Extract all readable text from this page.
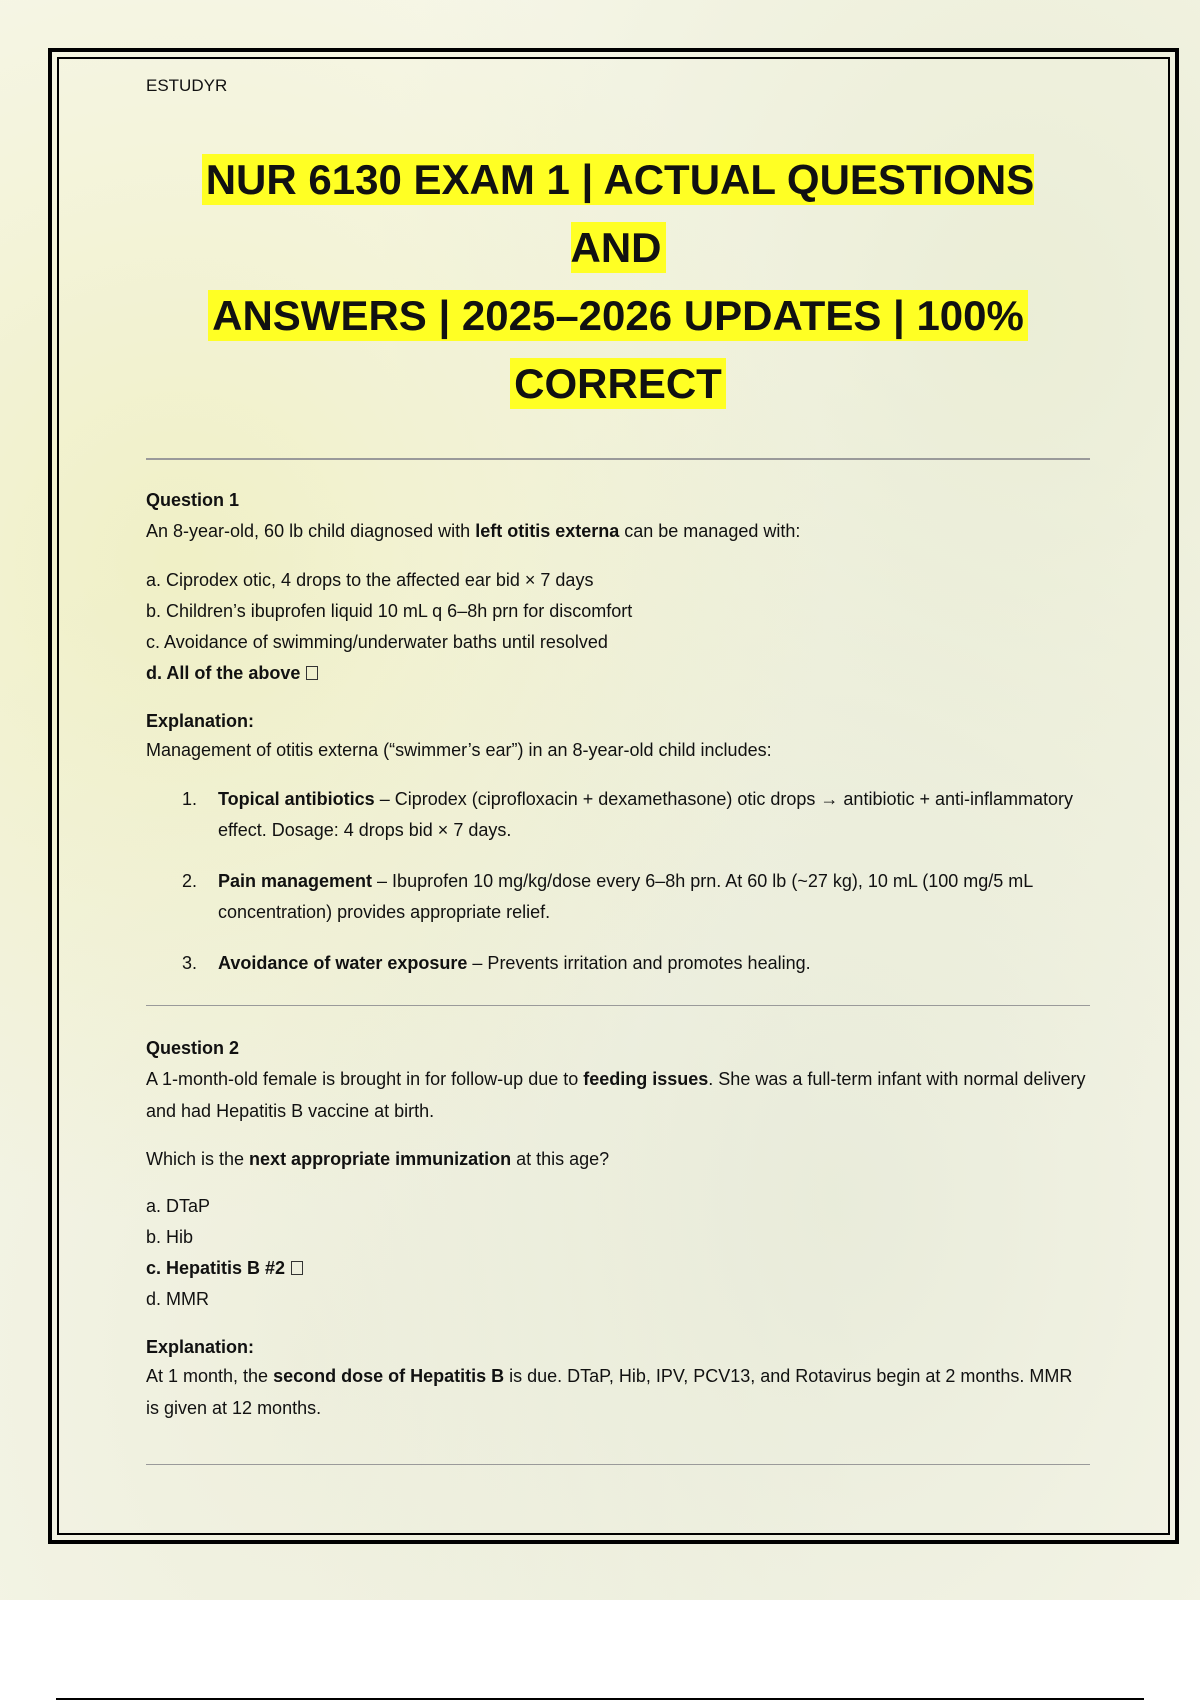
ESTUDYR

NUR 6130 EXAM 1 | ACTUAL QUESTIONS AND

ANSWERS | 2025–2026 UPDATES | 100%

CORRECT

Question 1

An 8-year-old, 60 lb child diagnosed with left otitis externa can be managed with:

a. Ciprodex otic, 4 drops to the affected ear bid × 7 days
b. Children’s ibuprofen liquid 10 mL q 6–8h prn for discomfort
c. Avoidance of swimming/underwater baths until resolved
d. All of the above

Explanation:

Management of otitis externa (“swimmer’s ear”) in an 8-year-old child includes:

1. Topical antibiotics – Ciprodex (ciprofloxacin + dexamethasone) otic drops → antibiotic + anti-inflammatory effect. Dosage: 4 drops bid × 7 days.
2. Pain management – Ibuprofen 10 mg/kg/dose every 6–8h prn. At 60 lb (~27 kg), 10 mL (100 mg/5 mL concentration) provides appropriate relief.
3. Avoidance of water exposure – Prevents irritation and promotes healing.

Question 2

A 1-month-old female is brought in for follow-up due to feeding issues. She was a full-term infant with normal delivery and had Hepatitis B vaccine at birth.

Which is the next appropriate immunization at this age?

a. DTaP
b. Hib
c. Hepatitis B #2
d. MMR

Explanation:

At 1 month, the second dose of Hepatitis B is due. DTaP, Hib, IPV, PCV13, and Rotavirus begin at 2 months. MMR is given at 12 months.
